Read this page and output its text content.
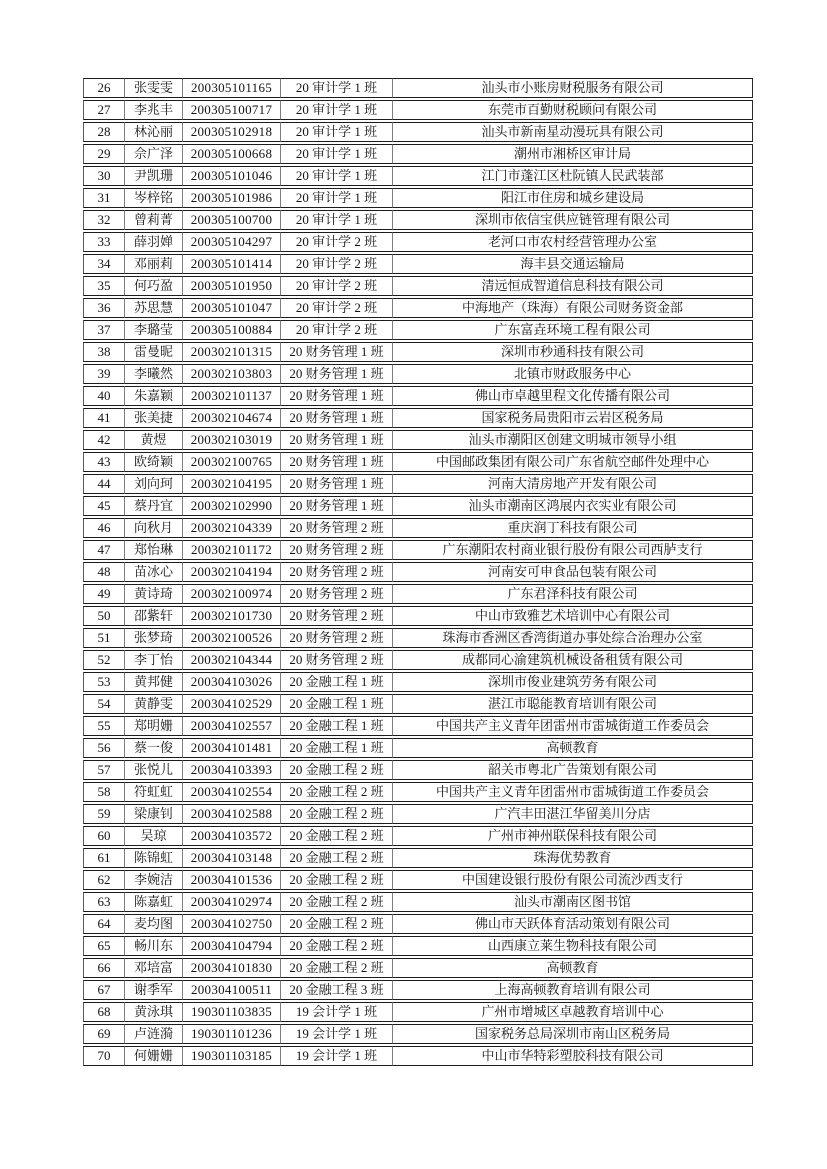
26	张雯雯	200305101165	20 审计学 1 班	汕头市小账房财税服务有限公司
27	李兆丰	200305100717	20 审计学 1 班	东莞市百勤财税顾问有限公司
28	林沁丽	200305102918	20 审计学 1 班	汕头市新南星动漫玩具有限公司
29	佘广泽	200305100668	20 审计学 1 班	潮州市湘桥区审计局
30	尹凯珊	200305101046	20 审计学 1 班	江门市蓬江区杜阮镇人民武装部
31	岑梓铭	200305101986	20 审计学 1 班	阳江市住房和城乡建设局
32	曾莉菁	200305100700	20 审计学 1 班	深圳市依信宝供应链管理有限公司
33	薛羽婵	200305104297	20 审计学 2 班	老河口市农村经营管理办公室
34	邓丽莉	200305101414	20 审计学 2 班	海丰县交通运输局
35	何巧盈	200305101950	20 审计学 2 班	清远恒成智道信息科技有限公司
36	苏思慧	200305101047	20 审计学 2 班	中海地产（珠海）有限公司财务资金部
37	李璐莹	200305100884	20 审计学 2 班	广东富垚环境工程有限公司
38	雷曼昵	200302101315	20 财务管理 1 班	深圳市秒通科技有限公司
39	李曦然	200302103803	20 财务管理 1 班	北镇市财政服务中心
40	朱嘉颖	200302101137	20 财务管理 1 班	佛山市卓越里程文化传播有限公司
41	张美捷	200302104674	20 财务管理 1 班	国家税务局贵阳市云岩区税务局
42	黄煜	200302103019	20 财务管理 1 班	汕头市潮阳区创建文明城市领导小组
43	欧绮颖	200302100765	20 财务管理 1 班	中国邮政集团有限公司广东省航空邮件处理中心
44	刘向珂	200302104195	20 财务管理 1 班	河南大清房地产开发有限公司
45	蔡丹宜	200302102990	20 财务管理 1 班	汕头市潮南区鸿展内衣实业有限公司
46	向秋月	200302104339	20 财务管理 2 班	重庆润丁科技有限公司
47	郑怡琳	200302101172	20 财务管理 2 班	广东潮阳农村商业银行股份有限公司西胪支行
48	苗冰心	200302104194	20 财务管理 2 班	河南安可申食品包装有限公司
49	黄诗琦	200302100974	20 财务管理 2 班	广东君泽科技有限公司
50	邵紫轩	200302101730	20 财务管理 2 班	中山市致雅艺术培训中心有限公司
51	张梦琦	200302100526	20 财务管理 2 班	珠海市香洲区香湾街道办事处综合治理办公室
52	李丁怡	200302104344	20 财务管理 2 班	成都同心渝建筑机械设备租赁有限公司
53	黄邦健	200304103026	20 金融工程 1 班	深圳市俊业建筑劳务有限公司
54	黄静雯	200304102529	20 金融工程 1 班	湛江市聪能教育培训有限公司
55	郑明姗	200304102557	20 金融工程 1 班	中国共产主义青年团雷州市雷城街道工作委员会
56	蔡一俊	200304101481	20 金融工程 1 班	高顿教育
57	张悦儿	200304103393	20 金融工程 2 班	韶关市粤北广告策划有限公司
58	符虹虹	200304102554	20 金融工程 2 班	中国共产主义青年团雷州市雷城街道工作委员会
59	梁康钊	200304102588	20 金融工程 2 班	广汽丰田湛江华留美川分店
60	吴琼	200304103572	20 金融工程 2 班	广州市神州联保科技有限公司
61	陈锦虹	200304103148	20 金融工程 2 班	珠海优势教育
62	李婉洁	200304101536	20 金融工程 2 班	中国建设银行股份有限公司流沙西支行
63	陈嘉虹	200304102974	20 金融工程 2 班	汕头市潮南区图书馆
64	麦均图	200304102750	20 金融工程 2 班	佛山市天跃体育活动策划有限公司
65	畅川东	200304104794	20 金融工程 2 班	山西康立莱生物科技有限公司
66	邓培富	200304101830	20 金融工程 2 班	高顿教育
67	谢季军	200304100511	20 金融工程 3 班	上海高顿教育培训有限公司
68	黄泳琪	190301103835	19 会计学 1 班	广州市增城区卓越教育培训中心
69	卢涟漪	190301101236	19 会计学 1 班	国家税务总局深圳市南山区税务局
70	何姗姗	190301103185	19 会计学 1 班	中山市华特彩塑胶科技有限公司
